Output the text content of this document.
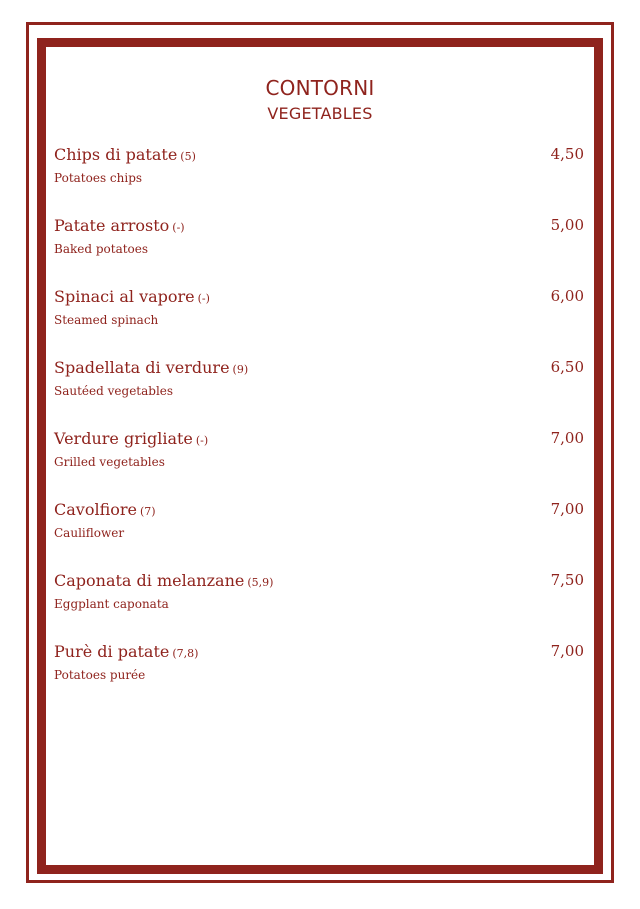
CONTORNI
VEGETABLES
Chips di patate (5)
Potatoes chips
4,50
Patate arrosto (-)
Baked potatoes
5,00
Spinaci al vapore (-)
Steamed spinach
6,00
Spadellata di verdure (9)
Sautéed vegetables
6,50
Verdure grigliate (-)
Grilled vegetables
7,00
Cavolfiore (7)
Cauliflower
7,00
Caponata di melanzane (5,9)
Eggplant caponata
7,50
Purè di patate (7,8)
Potatoes purée
7,00
